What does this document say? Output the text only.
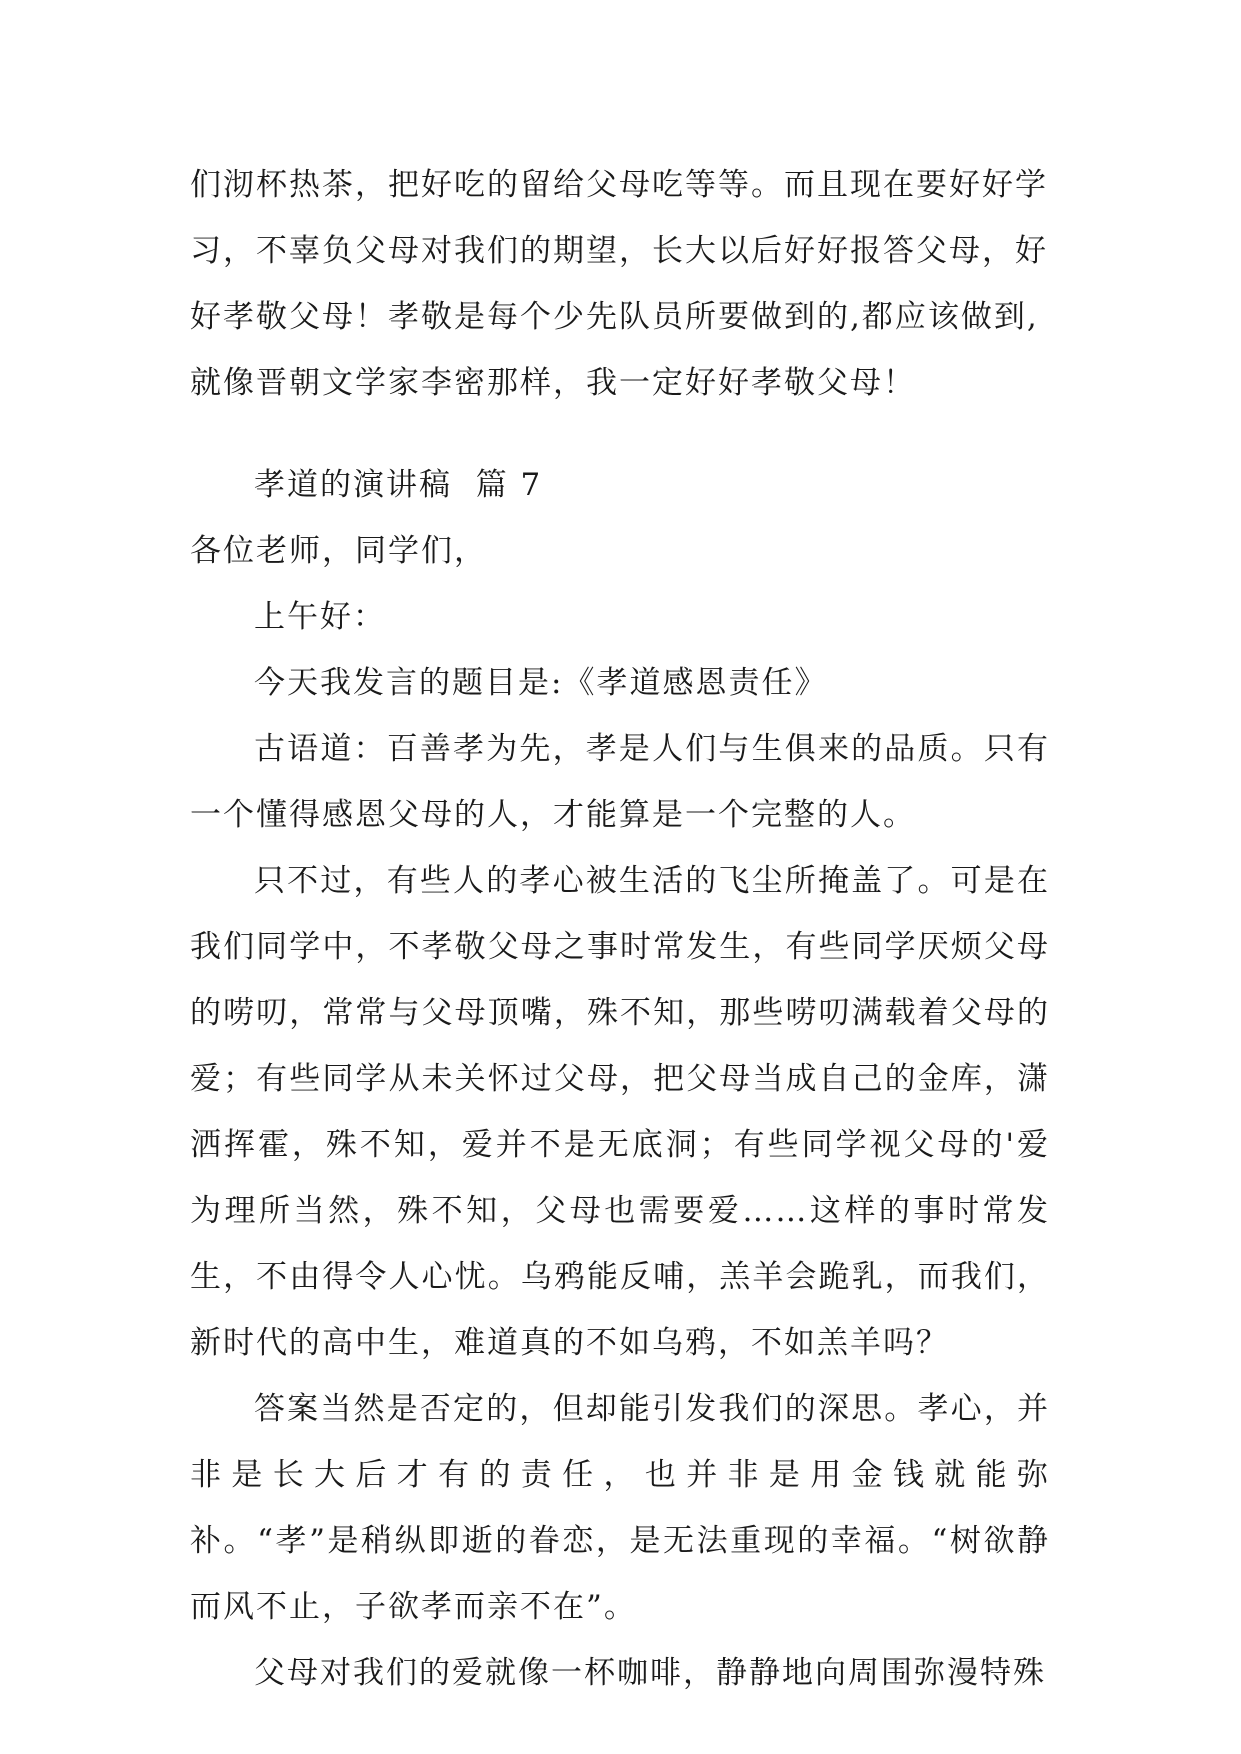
们沏杯热茶，把好吃的留给父母吃等等。而且现在要好好学
习，不辜负父母对我们的期望，长大以后好好报答父母，好
好孝敬父母！孝敬是每个少先队员所要做到的,都应该做到,
就像晋朝文学家李密那样，我一定好好孝敬父母！
孝道的演讲稿  篇 7
各位老师，同学们，
上午好：
今天我发言的题目是:《孝道感恩责任》
古语道：百善孝为先，孝是人们与生俱来的品质。只有一个懂得感恩父母的人，才能算是一个完整的人。
只不过，有些人的孝心被生活的飞尘所掩盖了。可是在我们同学中，不孝敬父母之事时常发生，有些同学厌烦父母的唠叨，常常与父母顶嘴，殊不知，那些唠叨满载着父母的爱；有些同学从未关怀过父母，把父母当成自己的金库，潇洒挥霍，殊不知，爱并不是无底洞；有些同学视父母的'爱为理所当然，殊不知，父母也需要爱……这样的事时常发生，不由得令人心忧。乌鸦能反哺，羔羊会跪乳，而我们，新时代的高中生，难道真的不如乌鸦，不如羔羊吗？
答案当然是否定的，但却能引发我们的深思。孝心，并非是长大后才有的责任，也并非是用金钱就能弥补。“孝”是稍纵即逝的眷恋，是无法重现的幸福。“树欲静而风不止，子欲孝而亲不在”。
父母对我们的爱就像一杯咖啡，静静地向周围弥漫特殊
